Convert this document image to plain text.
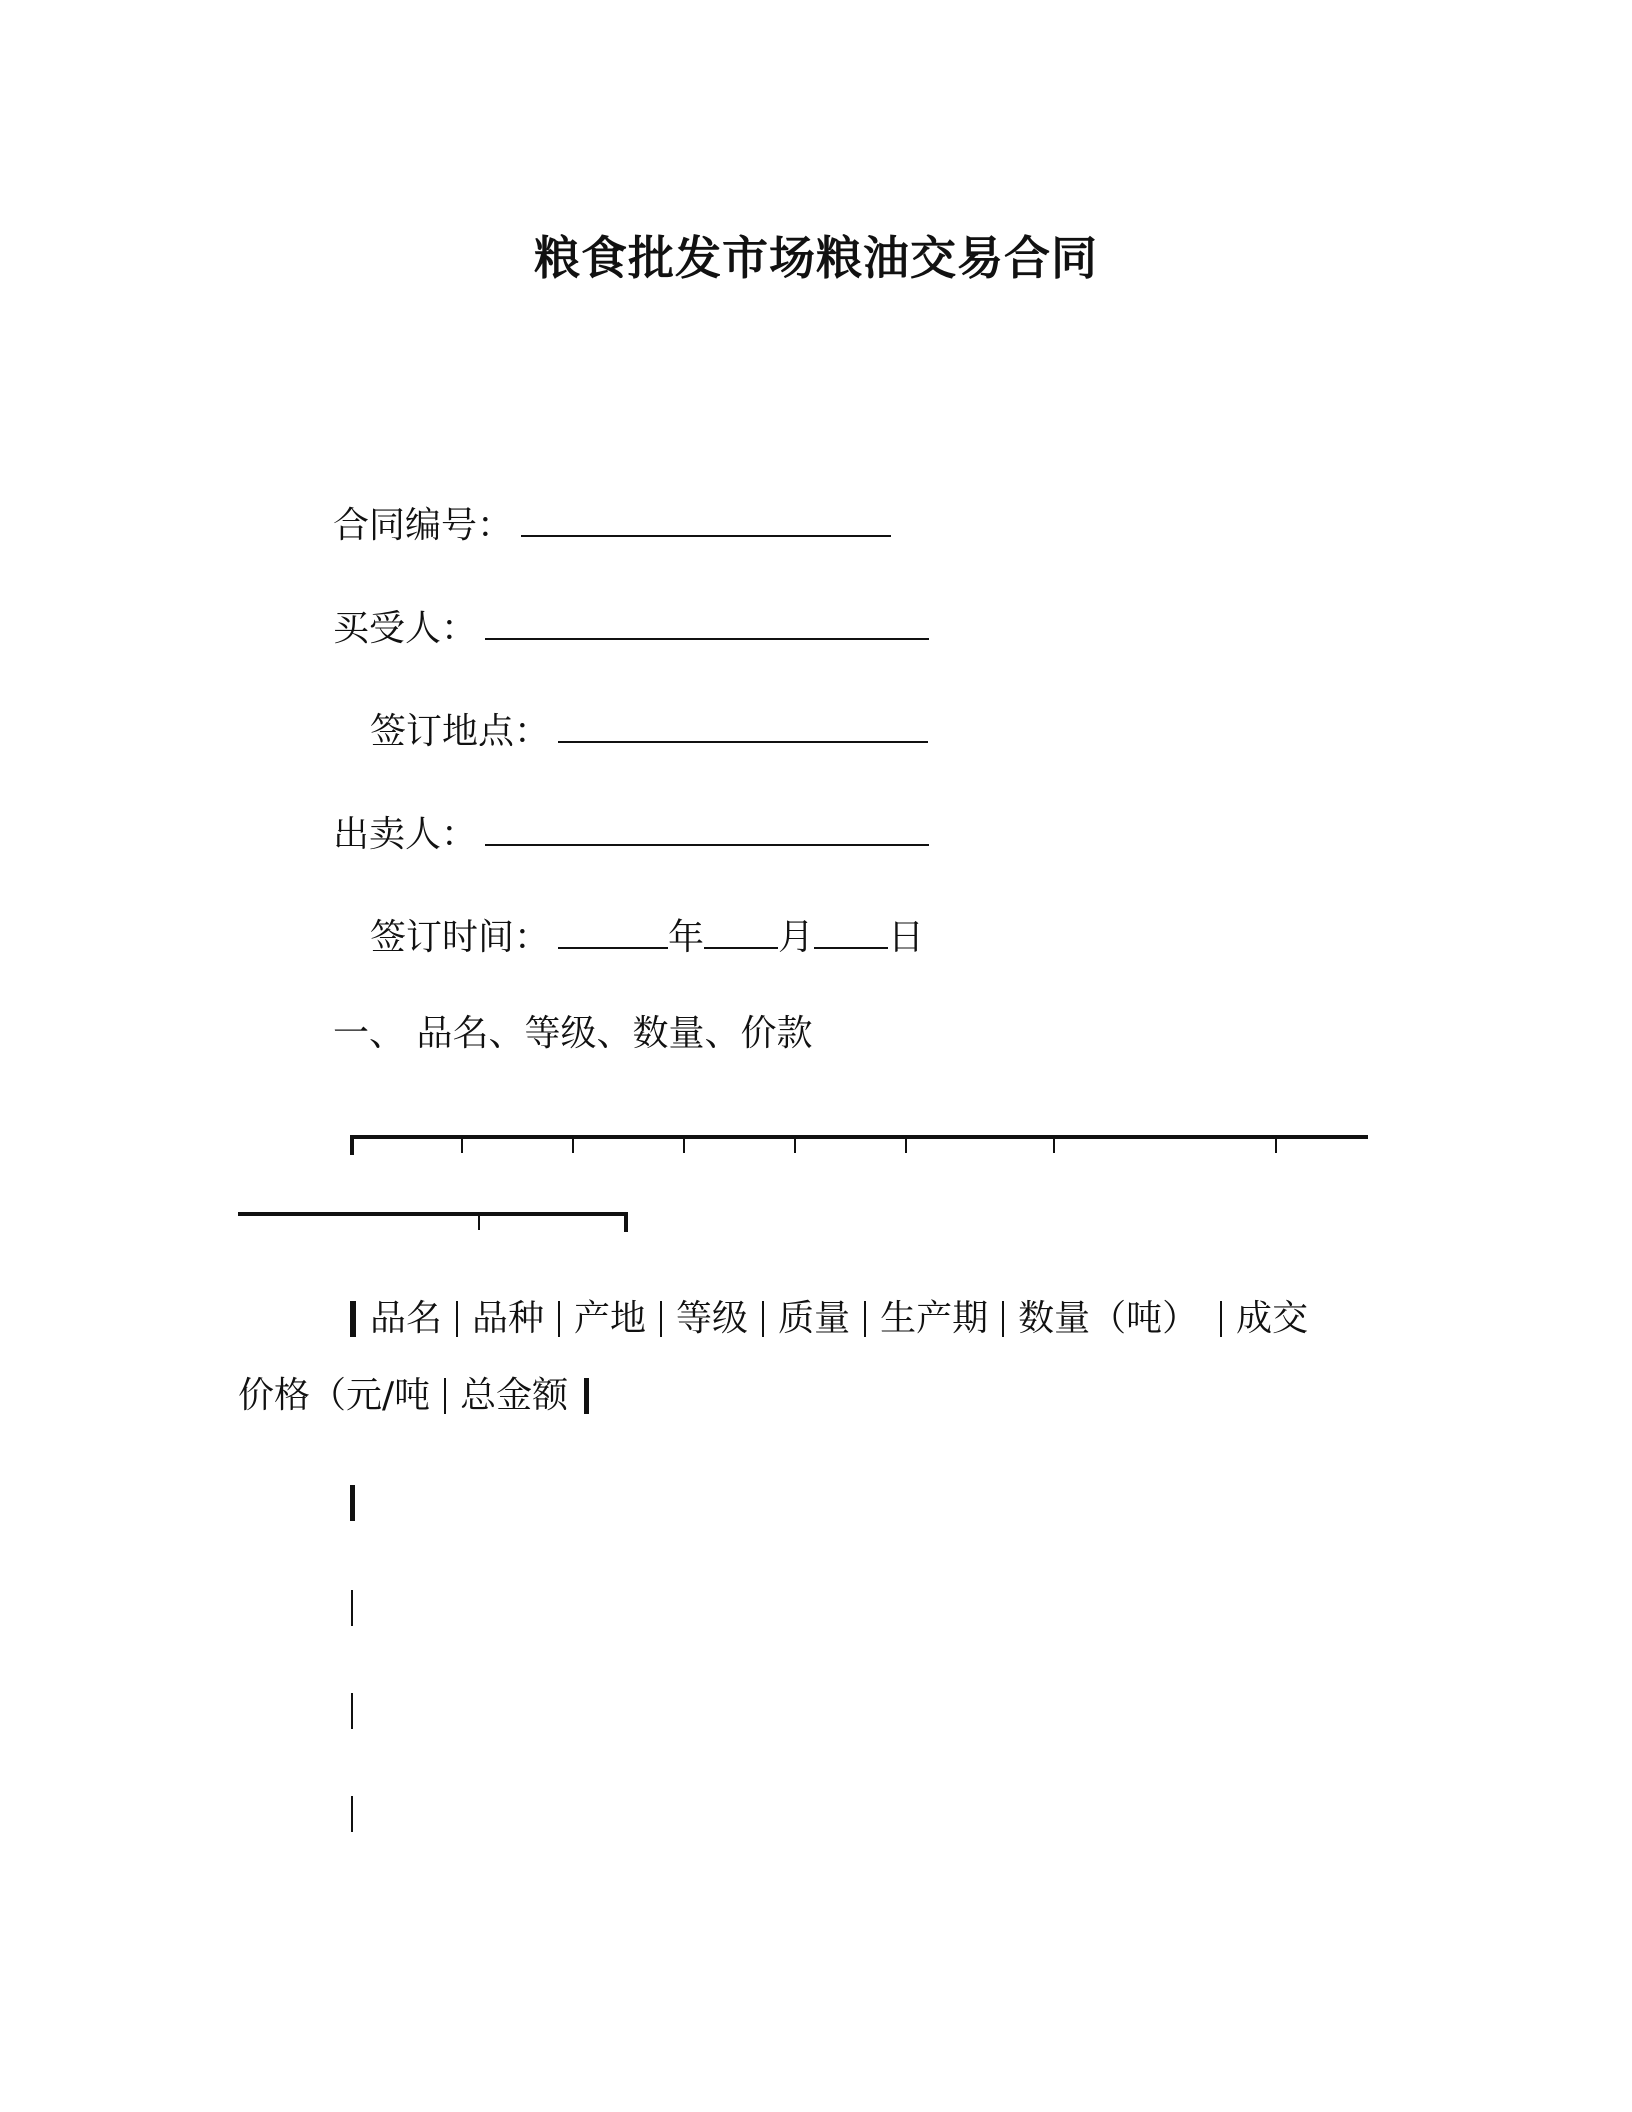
粮食批发市场粮油交易合同
合同编号：
买受人：
签订地点：
出卖人：
签订时间：	年 月 日
一、 品名、等级、数量、价款
品名 品种 产地 等级 质量 生产期 数量（吨） 成交
价格（元/吨 总金额
